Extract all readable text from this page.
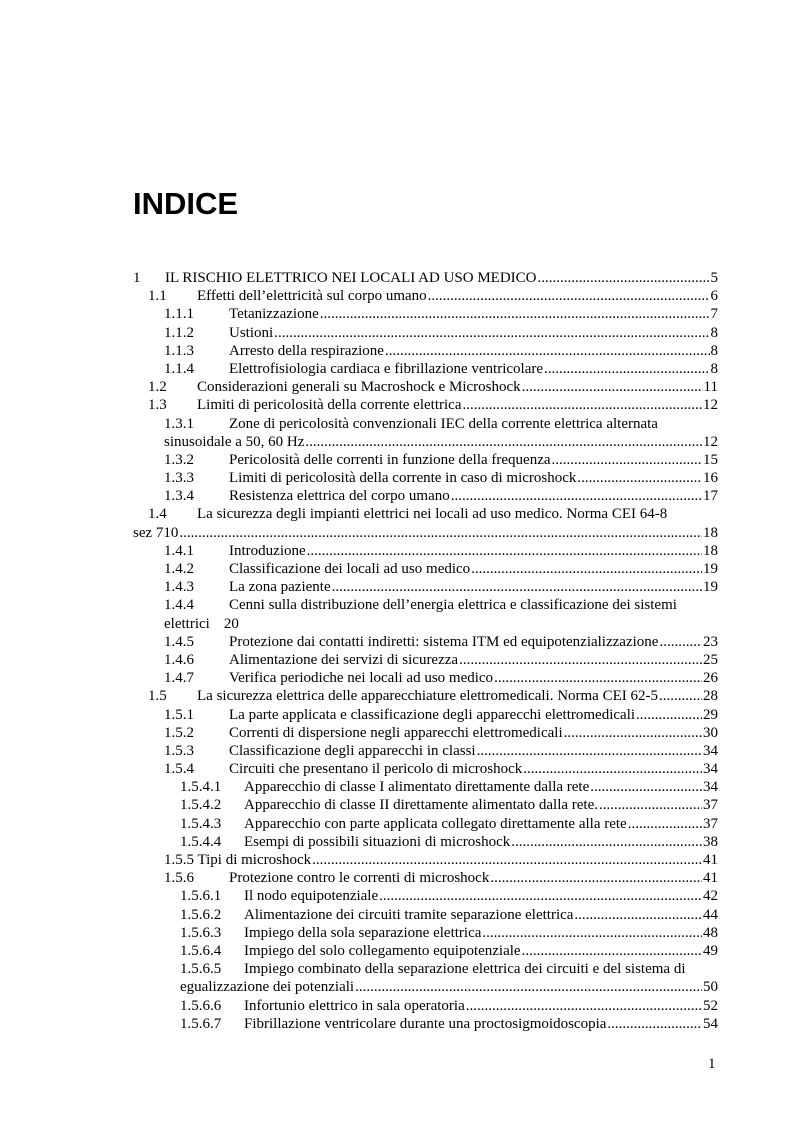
INDICE
1 IL RISCHIO ELETTRICO NEI LOCALI AD USO MEDICO .....	5
1.1 Effetti dell’elettricità sul corpo umano .....	6
1.1.1 Tetanizzazione .....	7
1.1.2 Ustioni .....	8
1.1.3 Arresto della respirazione .....	8
1.1.4 Elettrofisiologia cardiaca e fibrillazione ventricolare .....	8
1.2 Considerazioni generali su Macroshock e Microshock .....	11
1.3 Limiti di pericolosità della corrente elettrica .....	12
1.3.1 Zone di pericolosità convenzionali IEC della corrente elettrica alternata
sinusoidale a 50, 60 Hz .....	12
1.3.2 Pericolosità delle correnti in funzione della frequenza .....	15
1.3.3 Limiti di pericolosità della corrente in caso di microshock .....	16
1.3.4 Resistenza elettrica del corpo umano .....	17
1.4 La sicurezza degli impianti elettrici nei locali ad uso medico. Norma CEI 64-8
sez 710 .....	18
1.4.1 Introduzione .....	18
1.4.2 Classificazione dei locali ad uso medico .....	19
1.4.3 La zona paziente .....	19
1.4.4 Cenni sulla distribuzione dell’energia elettrica e classificazione dei sistemi
elettrici 20
1.4.5 Protezione dai contatti indiretti: sistema ITM ed equipotenzializzazione .....	23
1.4.6 Alimentazione dei servizi di sicurezza .....	25
1.4.7 Verifica periodiche nei locali ad uso medico .....	26
1.5 La sicurezza elettrica delle apparecchiature elettromedicali. Norma CEI 62-5 .....	28
1.5.1 La parte applicata e classificazione degli apparecchi elettromedicali .....	29
1.5.2 Correnti di dispersione negli apparecchi elettromedicali .....	30
1.5.3 Classificazione degli apparecchi in classi .....	34
1.5.4 Circuiti che presentano il pericolo di microshock .....	34
1.5.4.1 Apparecchio di classe I alimentato direttamente dalla rete .....	34
1.5.4.2 Apparecchio di classe II direttamente alimentato dalla rete. .....	37
1.5.4.3 Apparecchio con parte applicata collegato direttamente alla rete .....	37
1.5.4.4 Esempi di possibili situazioni di microshock .....	38
1.5.5 Tipi di microshock .....	41
1.5.6 Protezione contro le correnti di microshock .....	41
1.5.6.1 Il nodo equipotenziale .....	42
1.5.6.2 Alimentazione dei circuiti tramite separazione elettrica .....	44
1.5.6.3 Impiego della sola separazione elettrica .....	48
1.5.6.4 Impiego del solo collegamento equipotenziale .....	49
1.5.6.5 Impiego combinato della separazione elettrica dei circuiti e del sistema di
egualizzazione dei potenziali .....	50
1.5.6.6 Infortunio elettrico in sala operatoria .....	52
1.5.6.7 Fibrillazione ventricolare durante una proctosigmoidoscopia .....	54
1
